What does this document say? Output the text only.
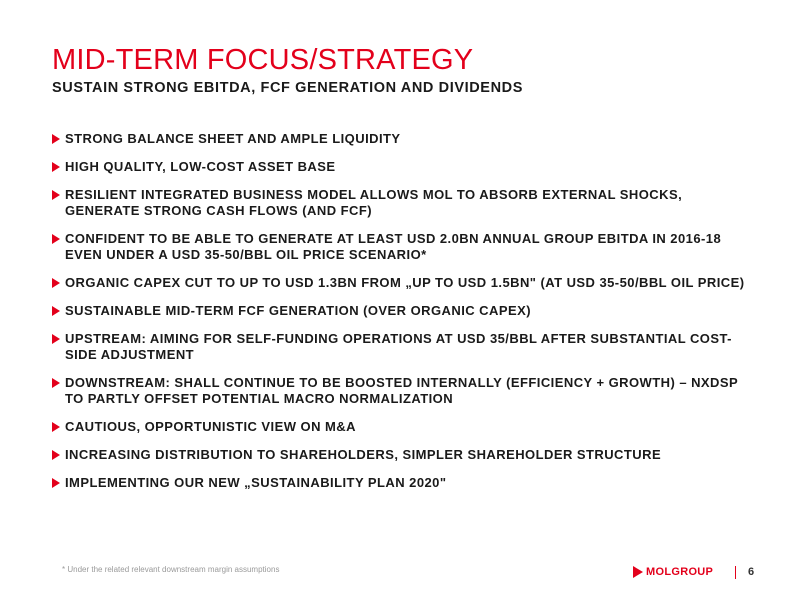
MID-TERM FOCUS/STRATEGY
SUSTAIN STRONG EBITDA, FCF GENERATION AND DIVIDENDS
STRONG BALANCE SHEET AND AMPLE LIQUIDITY
HIGH QUALITY, LOW-COST ASSET BASE
RESILIENT INTEGRATED BUSINESS MODEL ALLOWS MOL TO ABSORB EXTERNAL SHOCKS, GENERATE STRONG CASH FLOWS (AND FCF)
CONFIDENT TO BE ABLE TO GENERATE AT LEAST USD 2.0BN ANNUAL GROUP EBITDA IN 2016-18 EVEN UNDER A USD 35-50/BBL OIL PRICE SCENARIO*
ORGANIC CAPEX CUT TO UP TO USD 1.3BN FROM „UP TO USD 1.5BN" (AT USD 35-50/BBL OIL PRICE)
SUSTAINABLE MID-TERM FCF GENERATION (OVER ORGANIC CAPEX)
UPSTREAM: AIMING FOR SELF-FUNDING OPERATIONS AT USD 35/BBL AFTER SUBSTANTIAL COST-SIDE ADJUSTMENT
DOWNSTREAM: SHALL CONTINUE TO BE BOOSTED INTERNALLY (EFFICIENCY + GROWTH) – NXDSP TO PARTLY OFFSET POTENTIAL MACRO NORMALIZATION
CAUTIOUS, OPPORTUNISTIC VIEW ON M&A
INCREASING DISTRIBUTION TO SHAREHOLDERS, SIMPLER SHAREHOLDER STRUCTURE
IMPLEMENTING OUR NEW „SUSTAINABILITY PLAN 2020"
* Under the related relevant downstream margin assumptions	MOLGROUP	6
